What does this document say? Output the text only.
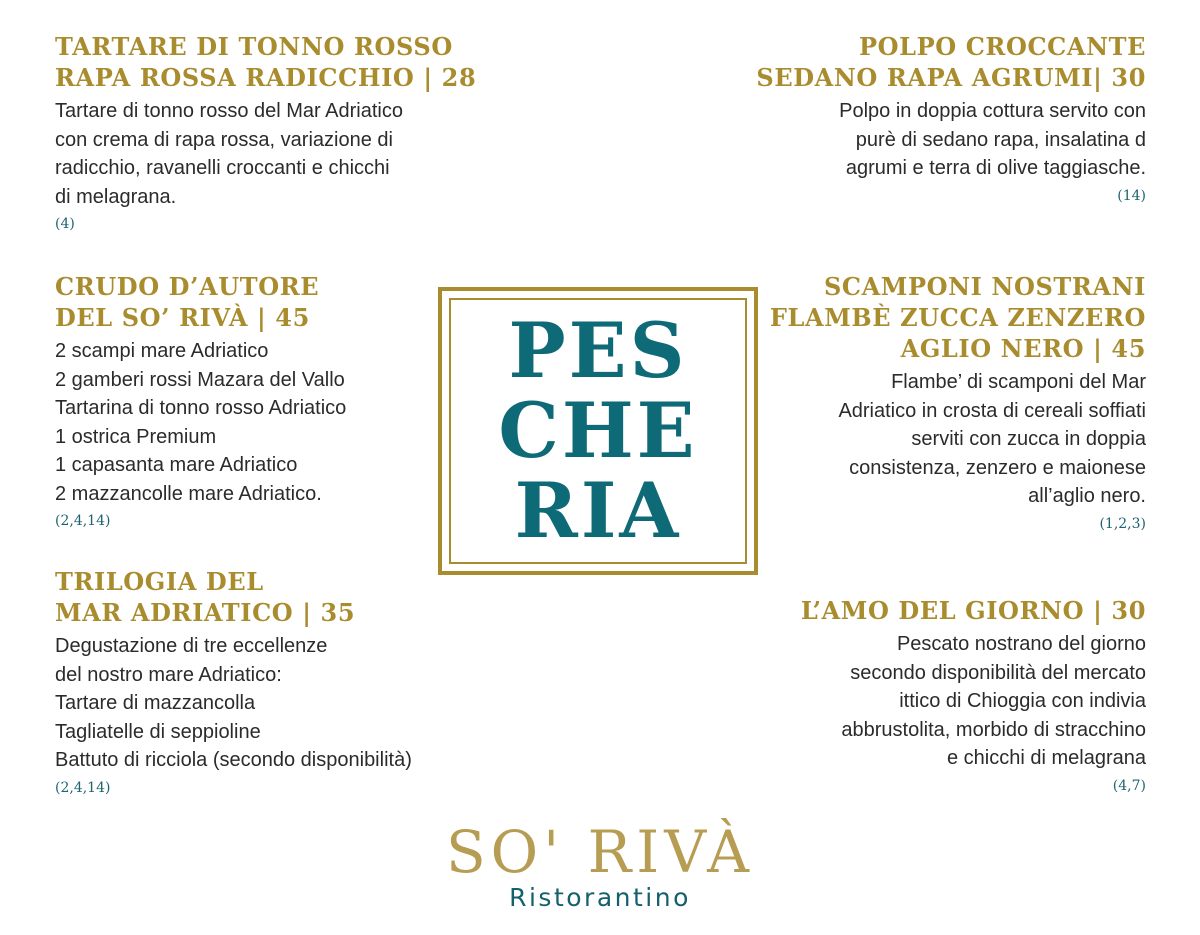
TARTARE DI TONNO ROSSO
RAPA ROSSA RADICCHIO | 28
Tartare di tonno rosso del Mar Adriatico
con crema di rapa rossa, variazione di
radicchio, ravanelli croccanti e chicchi
di melagrana.
(4)
CRUDO D’AUTORE
DEL SO’ RIVÀ | 45
2 scampi mare Adriatico
2 gamberi rossi Mazara del Vallo
Tartarina di tonno rosso Adriatico
1 ostrica Premium
1 capasanta mare Adriatico
2 mazzancolle mare Adriatico.
(2,4,14)
TRILOGIA DEL
MAR ADRIATICO | 35
Degustazione di tre eccellenze
del nostro mare Adriatico:
Tartare di mazzancolla
Tagliatelle di seppioline
Battuto di ricciola (secondo disponibilità)
(2,4,14)
POLPO CROCCANTE
SEDANO RAPA AGRUMI| 30
Polpo in doppia cottura servito con
purè di sedano rapa, insalatina d
agrumi e terra di olive taggiasche.
(14)
SCAMPONI NOSTRANI
FLAMBÈ ZUCCA ZENZERO
AGLIO NERO | 45
Flambe’ di scamponi del Mar
Adriatico in crosta di cereali soffiati
serviti con zucca in doppia
consistenza, zenzero e maionese
all’aglio nero.
(1,2,3)
L’AMO DEL GIORNO | 30
Pescato nostrano del giorno
secondo disponibilità del mercato
ittico di Chioggia con indivia
abbrustolita, morbido di stracchino
e chicchi di melagrana
(4,7)
PES
CHE
RIA
SO' RIVÀ
Ristorantino
